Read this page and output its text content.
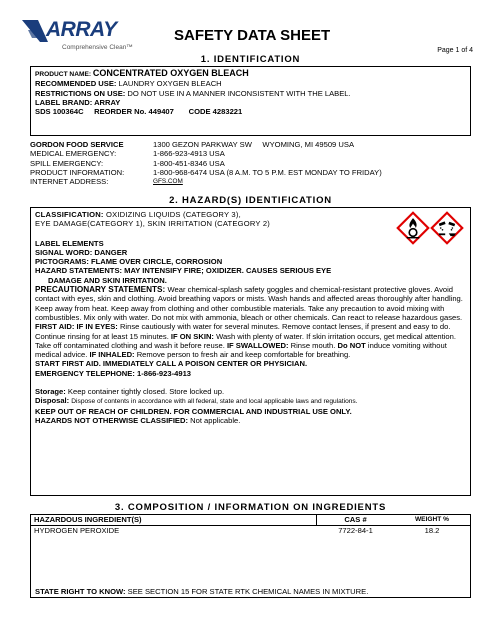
ARRAY
Comprehensive Clean™
SAFETY DATA SHEET
Page 1 of 4
1. IDENTIFICATION
PRODUCT NAME: CONCENTRATED OXYGEN BLEACH
RECOMMENDED USE: LAUNDRY OXYGEN BLEACH
RESTRICTIONS ON USE: DO NOT USE IN A MANNER INCONSISTENT WITH THE LABEL.
LABEL BRAND: ARRAY
SDS 100364C     REORDER No. 449407       CODE 4283221
GORDON FOOD SERVICE	1300 GEZON PARKWAY SW     WYOMING, MI 49509 USA
MEDICAL EMERGENCY:	1-866-923-4913 USA
SPILL EMERGENCY:	1-800-451-8346 USA
PRODUCT INFORMATION:	1-800-968-6474 USA (8 A.M. TO 5 P.M. EST MONDAY TO FRIDAY)
INTERNET ADDRESS:	GFS.COM
2. HAZARD(S) IDENTIFICATION
CLASSIFICATION: OXIDIZING LIQUIDS (CATEGORY 3),
EYE DAMAGE(CATEGORY 1), SKIN IRRITATION (CATEGORY 2)
LABEL ELEMENTS
SIGNAL WORD: DANGER
PICTOGRAMS: FLAME OVER CIRCLE, CORROSION
HAZARD STATEMENTS: MAY INTENSIFY FIRE; OXIDIZER. CAUSES SERIOUS EYE
DAMAGE AND SKIN IRRITATION.
PRECAUTIONARY STATEMENTS: Wear chemical-splash safety goggles and chemical-resistant protective gloves. Avoid contact with eyes, skin and clothing. Avoid breathing vapors or mists. Wash hands and affected areas thoroughly after handling. Keep away from heat. Keep away from clothing and other combustible materials. Take any precaution to avoid mixing with combustibles. Mix only with water. Do not mix with ammonia, bleach or other chemicals. Can react to release hazardous gases. FIRST AID: IF IN EYES: Rinse cautiously with water for several minutes. Remove contact lenses, if present and easy to do. Continue rinsing for at least 15 minutes. IF ON SKIN: Wash with plenty of water. If skin irritation occurs, get medical attention. Take off contaminated clothing and wash it before reuse. IF SWALLOWED: Rinse mouth. Do NOT induce vomiting without medical advice. IF INHALED: Remove person to fresh air and keep comfortable for breathing.
START FIRST AID. IMMEDIATELY CALL A POISON CENTER OR PHYSICIAN.
EMERGENCY TELEPHONE: 1-866-923-4913
Storage: Keep container tightly closed. Store locked up.
Disposal: Dispose of contents in accordance with all federal, state and local applicable laws and regulations.
KEEP OUT OF REACH OF CHILDREN. FOR COMMERCIAL AND INDUSTRIAL USE ONLY.
HAZARDS NOT OTHERWISE CLASSIFIED: Not applicable.
3. COMPOSITION / INFORMATION ON INGREDIENTS
HAZARDOUS INGREDIENT(S)	CAS #	WEIGHT %
HYDROGEN PEROXIDE	7722-84-1	18.2
STATE RIGHT TO KNOW: SEE SECTION 15 FOR STATE RTK CHEMICAL NAMES IN MIXTURE.
